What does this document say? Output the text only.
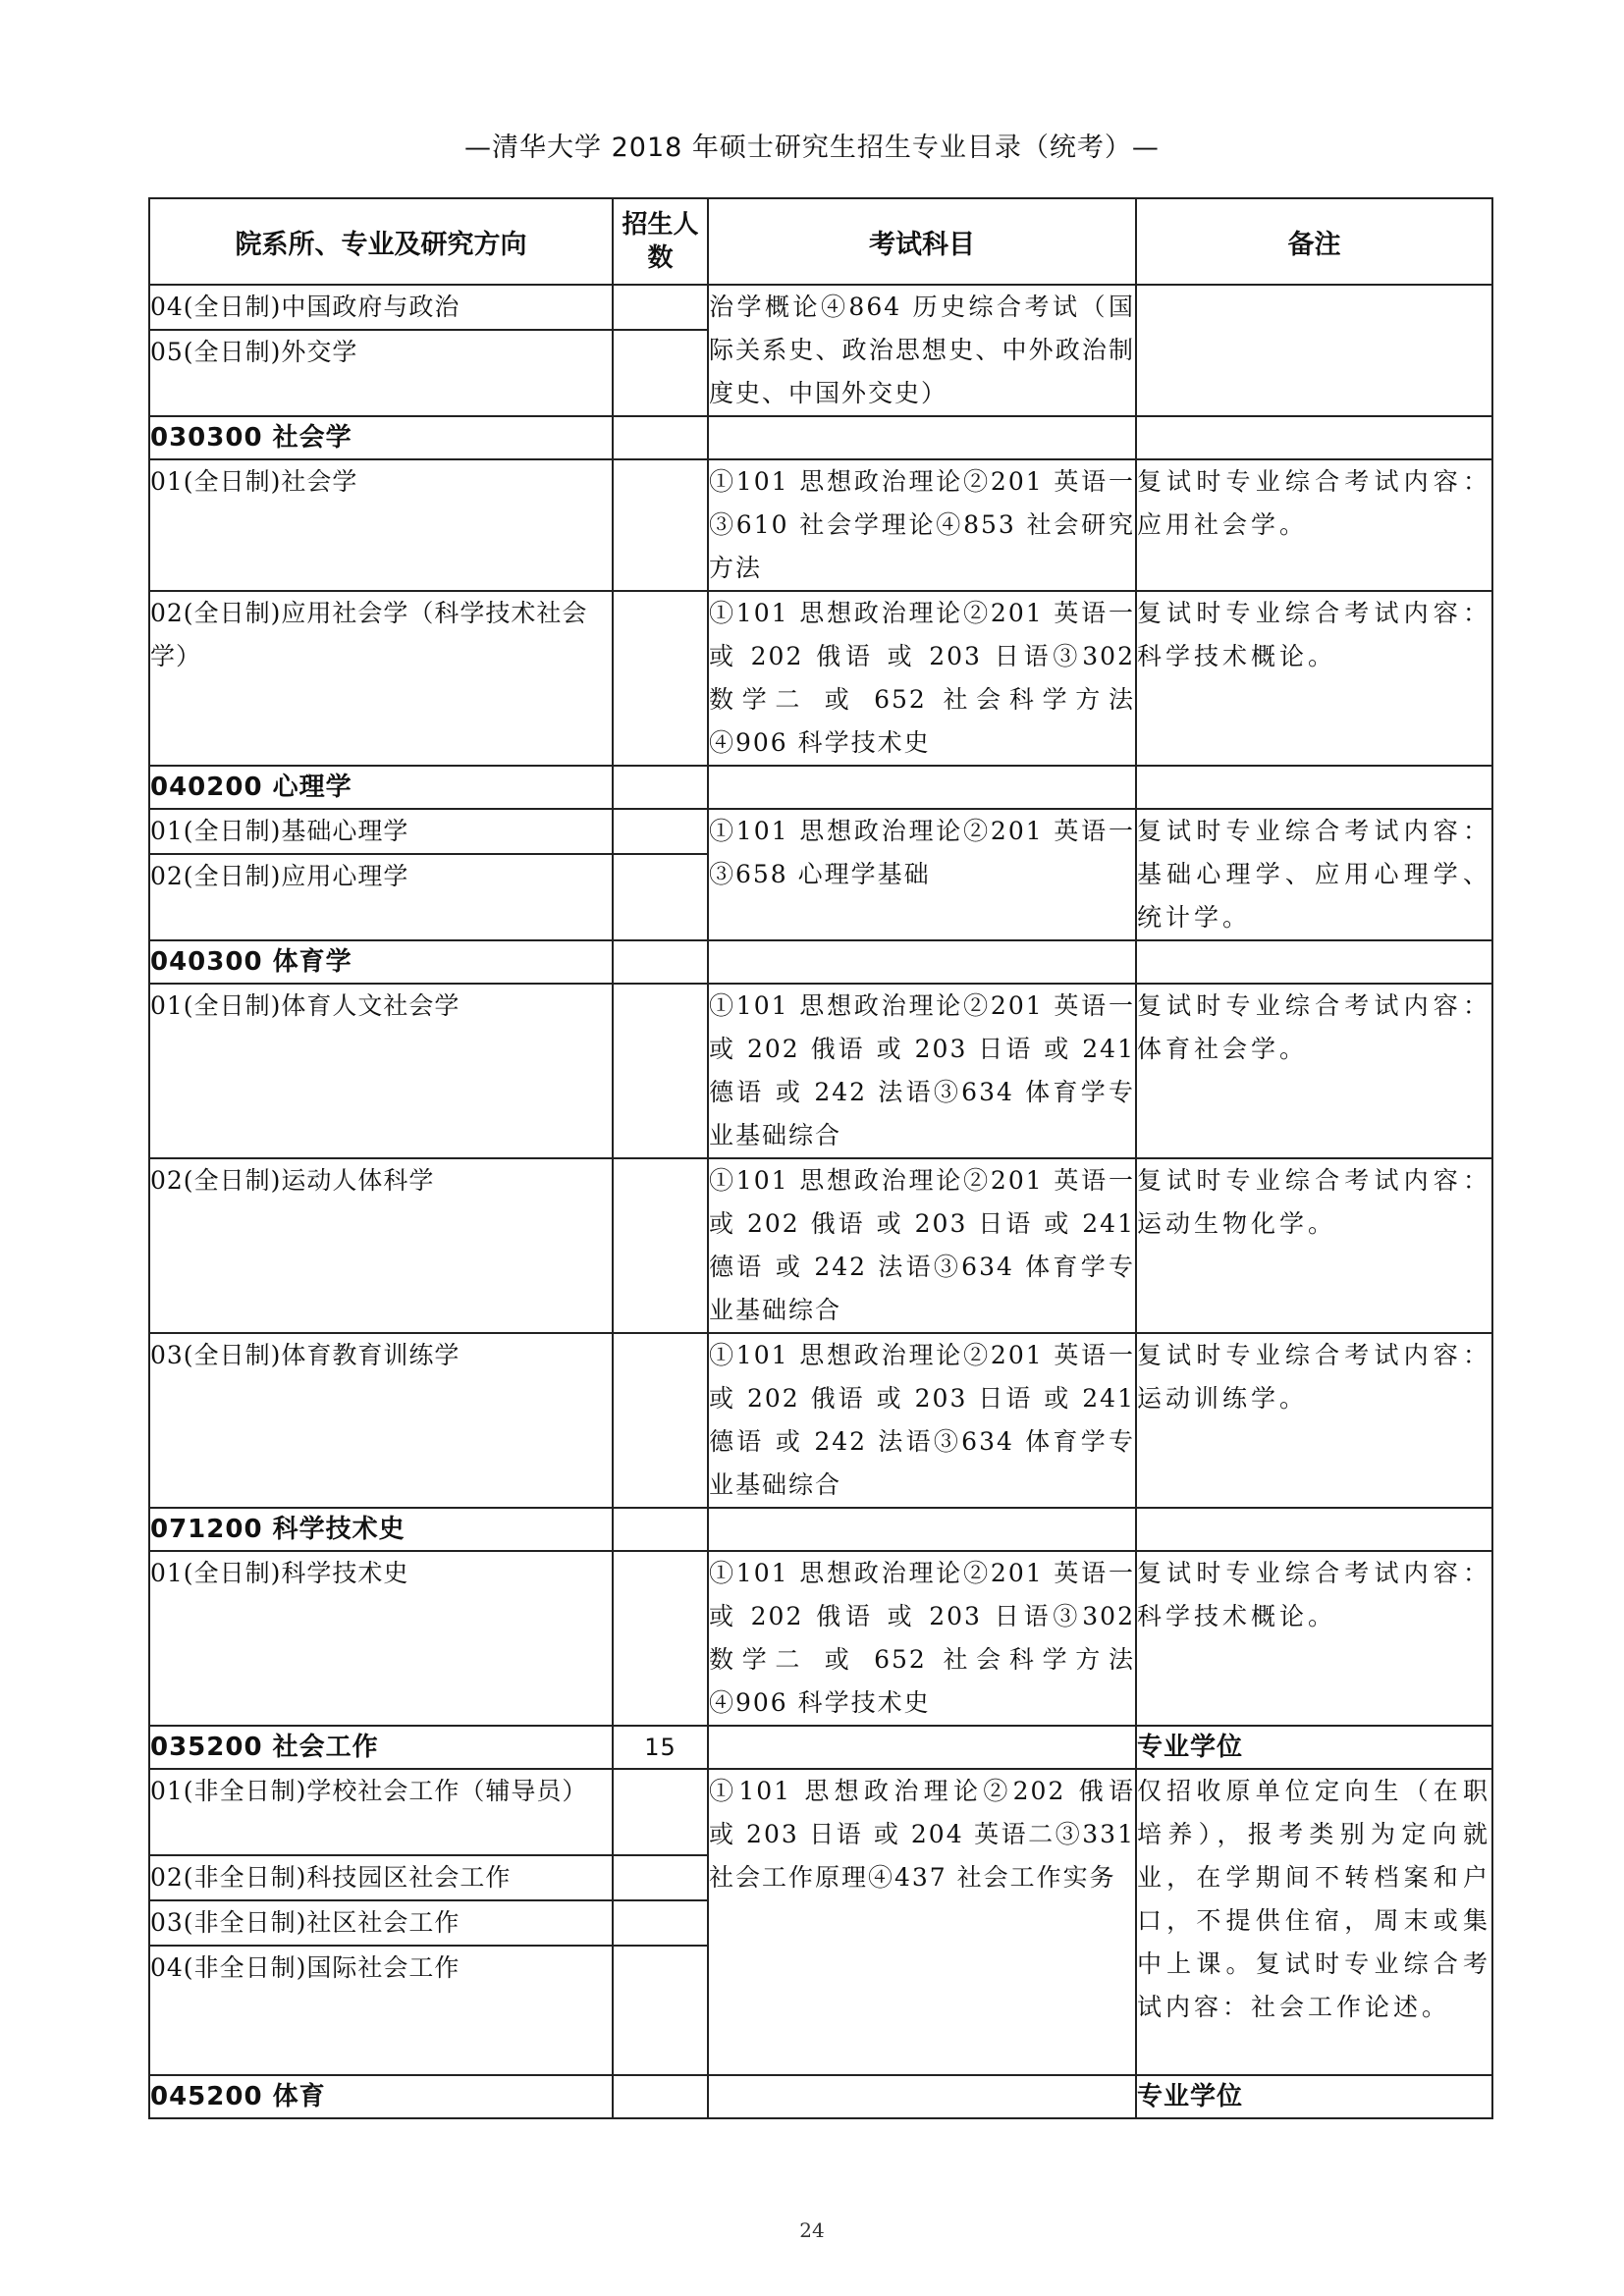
—清华大学 2018 年硕士研究生招生专业目录（统考）—
院系所、专业及研究方向	招生人数	考试科目	备注
04(全日制)中国政府与政治		治学概论④864 历史综合考试（国际关系史、政治思想史、中外政治制度史、中国外交史）	
05(全日制)外交学			
030300 社会学			
01(全日制)社会学		①101 思想政治理论②201 英语一③610 社会学理论④853 社会研究方法	复试时专业综合考试内容：应用社会学。
02(全日制)应用社会学（科学技术社会学）		①101 思想政治理论②201 英语一 或 202 俄语 或 203 日语③302 数学二 或 652 社会科学方法④906 科学技术史	复试时专业综合考试内容：科学技术概论。
040200 心理学			
01(全日制)基础心理学		①101 思想政治理论②201 英语一③658 心理学基础	复试时专业综合考试内容：基础心理学、应用心理学、统计学。
02(全日制)应用心理学			
040300 体育学			
01(全日制)体育人文社会学		①101 思想政治理论②201 英语一 或 202 俄语 或 203 日语 或 241 德语 或 242 法语③634 体育学专业基础综合	复试时专业综合考试内容：体育社会学。
02(全日制)运动人体科学		①101 思想政治理论②201 英语一 或 202 俄语 或 203 日语 或 241 德语 或 242 法语③634 体育学专业基础综合	复试时专业综合考试内容：运动生物化学。
03(全日制)体育教育训练学		①101 思想政治理论②201 英语一 或 202 俄语 或 203 日语 或 241 德语 或 242 法语③634 体育学专业基础综合	复试时专业综合考试内容：运动训练学。
071200 科学技术史			
01(全日制)科学技术史		①101 思想政治理论②201 英语一 或 202 俄语 或 203 日语③302 数学二 或 652 社会科学方法④906 科学技术史	复试时专业综合考试内容：科学技术概论。
035200 社会工作	15		专业学位
01(非全日制)学校社会工作（辅导员）		①101 思想政治理论②202 俄语 或 203 日语 或 204 英语二③331 社会工作原理④437 社会工作实务	仅招收原单位定向生（在职培养），报考类别为定向就业，在学期间不转档案和户口，不提供住宿，周末或集中上课。复试时专业综合考试内容：社会工作论述。
02(非全日制)科技园区社会工作			
03(非全日制)社区社会工作			
04(非全日制)国际社会工作			
045200 体育			专业学位
24
